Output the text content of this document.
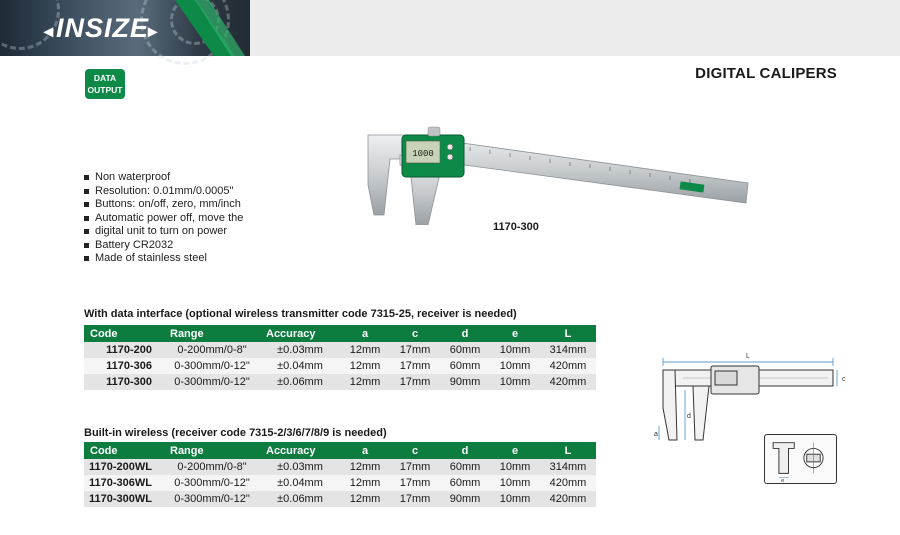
◂ INSIZE
▸
DATA
OUTPUT
DIGITAL CALIPERS
Non waterproof
Resolution: 0.01mm/0.0005"
Buttons: on/off, zero, mm/inch
Automatic power off, move the
digital unit to turn on power
Battery CR2032
Made of stainless steel
1000
1170-300
With data interface (optional wireless transmitter code 7315-25, receiver is needed)
Code	Range	Accuracy	a	c	d	e	L
1170-200	0-200mm/0-8"	±0.03mm	12mm	17mm	60mm	10mm	314mm
1170-306	0-300mm/0-12"	±0.04mm	12mm	17mm	60mm	10mm	420mm
1170-300	0-300mm/0-12"	±0.06mm	12mm	17mm	90mm	10mm	420mm
Built-in wireless (receiver code 7315-2/3/6/7/8/9 is needed)
Code	Range	Accuracy	a	c	d	e	L
1170-200WL	0-200mm/0-8"	±0.03mm	12mm	17mm	60mm	10mm	314mm
1170-306WL	0-300mm/0-12"	±0.04mm	12mm	17mm	60mm	10mm	420mm
1170-300WL	0-300mm/0-12"	±0.06mm	12mm	17mm	90mm	10mm	420mm
L
c
d
a
e
